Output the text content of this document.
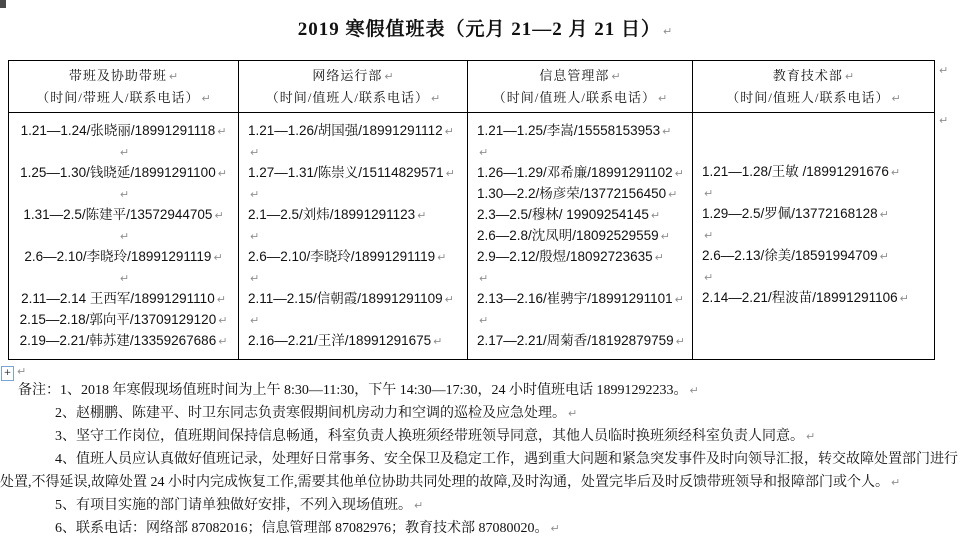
2019 寒假值班表（元月 21—2 月 21 日） ↵
带班及协助带班 ↵
（时间/带班人/联系电话） ↵
1.21—1.24/张晓丽/18991291118 ↵
↵
1.25—1.30/钱晓延/18991291100 ↵
↵
1.31—2.5/陈建平/13572944705 ↵
↵
2.6—2.10/李晓玲/18991291119 ↵
↵
2.11—2.14 王西军/18991291110 ↵
2.15—2.18/郭向平/13709129120 ↵
2.19—2.21/韩苏建/13359267686 ↵
网络运行部 ↵
（时间/值班人/联系电话） ↵
1.21—1.26/胡国强/18991291112 ↵
↵
1.27—1.31/陈崇义/15114829571 ↵
↵
2.1—2.5/刘炜/18991291123 ↵
↵
2.6—2.10/李晓玲/18991291119 ↵
↵
2.11—2.15/信朝霞/18991291109 ↵
↵
2.16—2.21/王洋/18991291675 ↵
信息管理部 ↵
（时间/值班人/联系电话） ↵
1.21—1.25/李嵩/15558153953 ↵
↵
1.26—1.29/邓希廉/18991291102 ↵
1.30—2.2/杨彦荣/13772156450 ↵
2.3—2.5/穆林/ 19909254145 ↵
2.6—2.8/沈凤明/18092529559 ↵
2.9—2.12/殷煜/18092723635 ↵
↵
2.13—2.16/崔骋宇/18991291101 ↵
↵
2.17—2.21/周菊香/18192879759 ↵
教育技术部 ↵
（时间/值班人/联系电话） ↵
1.21—1.28/王敏 /18991291676 ↵
↵
1.29—2.5/罗佩/13772168128 ↵
↵
2.6—2.13/徐美/18591994709 ↵
↵
2.14—2.21/程波苗/18991291106 ↵
↵
↵
+ ↵
备注：1、2018 年寒假现场值班时间为上午 8:30—11:30，下午 14:30—17:30，24 小时值班电话 18991292233。 ↵
2、赵棚鹏、陈建平、时卫东同志负责寒假期间机房动力和空调的巡检及应急处理。 ↵
3、坚守工作岗位，值班期间保持信息畅通，科室负责人换班须经带班领导同意，其他人员临时换班须经科室负责人同意。 ↵
4、值班人员应认真做好值班记录，处理好日常事务、安全保卫及稳定工作，遇到重大问题和紧急突发事件及时向领导汇报，转交故障处置部门进行处置,不得延误,故障处置 24 小时内完成恢复工作,需要其他单位协助共同处理的故障,及时沟通，处置完毕后及时反馈带班领导和报障部门或个人。 ↵
5、有项目实施的部门请单独做好安排，不列入现场值班。 ↵
6、联系电话：网络部 87082016；信息管理部 87082976；教育技术部 87080020。 ↵
